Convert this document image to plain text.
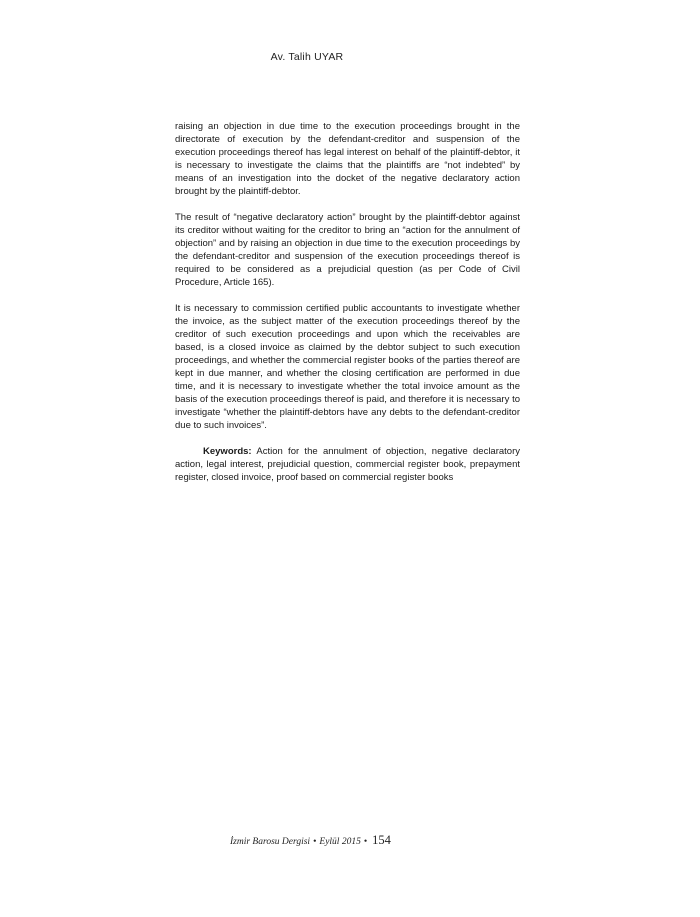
Av. Talih UYAR

raising an objection in due time to the execution proceedings brought in the directorate of execution by the defendant-creditor and suspension of the execution proceedings thereof has legal interest on behalf of the plaintiff-debtor, it is necessary to investigate the claims that the plaintiffs are “not indebted” by means of an investigation into the docket of the negative declaratory action brought by the plaintiff-debtor.

The result of “negative declaratory action” brought by the plaintiff-debtor against its creditor without waiting for the creditor to bring an “action for the annulment of objection” and by raising an objection in due time to the execution proceedings by the defendant-creditor and suspension of the execution proceedings thereof is required to be considered as a prejudicial question (as per Code of Civil Procedure, Article 165).

It is necessary to commission certified public accountants to investigate whether the invoice, as the subject matter of the execution proceedings thereof by the creditor of such execution proceedings and upon which the receivables are based, is a closed invoice as claimed by the debtor subject to such execution proceedings, and whether the commercial register books of the parties thereof are kept in due manner, and whether the closing certification are performed in due time, and it is necessary to investigate whether the total invoice amount as the basis of the execution proceedings thereof is paid, and therefore it is necessary to investigate “whether the plaintiff-debtors have any debts to the defendant-creditor due to such invoices”.

Keywords: Action for the annulment of objection, negative declaratory action, legal interest, prejudicial question, commercial register book, prepayment register, closed invoice, proof based on commercial register books

İzmir Barosu Dergisi • Eylül 2015 • 154
